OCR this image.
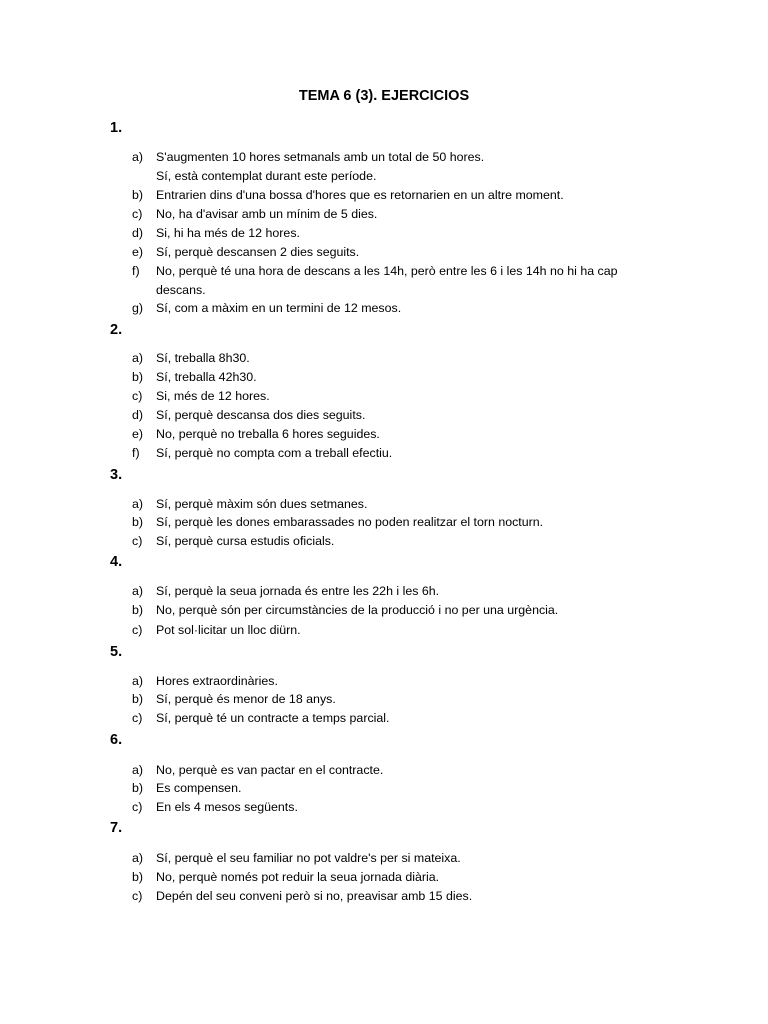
TEMA 6 (3). EJERCICIOS
1.
a) S'augmenten 10 hores setmanals amb un total de 50 hores.
Sí, està contemplat durant este període.
b) Entrarien dins d'una bossa d'hores que es retornarien en un altre moment.
c) No, ha d'avisar amb un mínim de 5 dies.
d) Si, hi ha més de 12 hores.
e) Sí, perquè descansen 2 dies seguits.
f) No, perquè té una hora de descans a les 14h, però entre les 6 i les 14h no hi ha cap
descans.
g) Sí, com a màxim en un termini de 12 mesos.
2.
a) Sí, treballa 8h30.
b) Sí, treballa 42h30.
c) Si, més de 12 hores.
d) Sí, perquè descansa dos dies seguits.
e) No, perquè no treballa 6 hores seguides.
f) Sí, perquè no compta com a treball efectiu.
3.
a) Sí, perquè màxim són dues setmanes.
b) Sí, perquè les dones embarassades no poden realitzar el torn nocturn.
c) Sí, perquè cursa estudis oficials.
4.
a) Sí, perquè la seua jornada és entre les 22h i les 6h.
b) No, perquè són per circumstàncies de la producció i no per una urgència.
c) Pot sol·licitar un lloc diürn.
5.
a) Hores extraordinàries.
b) Sí, perquè és menor de 18 anys.
c) Sí, perquè té un contracte a temps parcial.
6.
a) No, perquè es van pactar en el contracte.
b) Es compensen.
c) En els 4 mesos següents.
7.
a) Sí, perquè el seu familiar no pot valdre's per si mateixa.
b) No, perquè només pot reduir la seua jornada diària.
c) Depén del seu conveni però si no, preavisar amb 15 dies.
